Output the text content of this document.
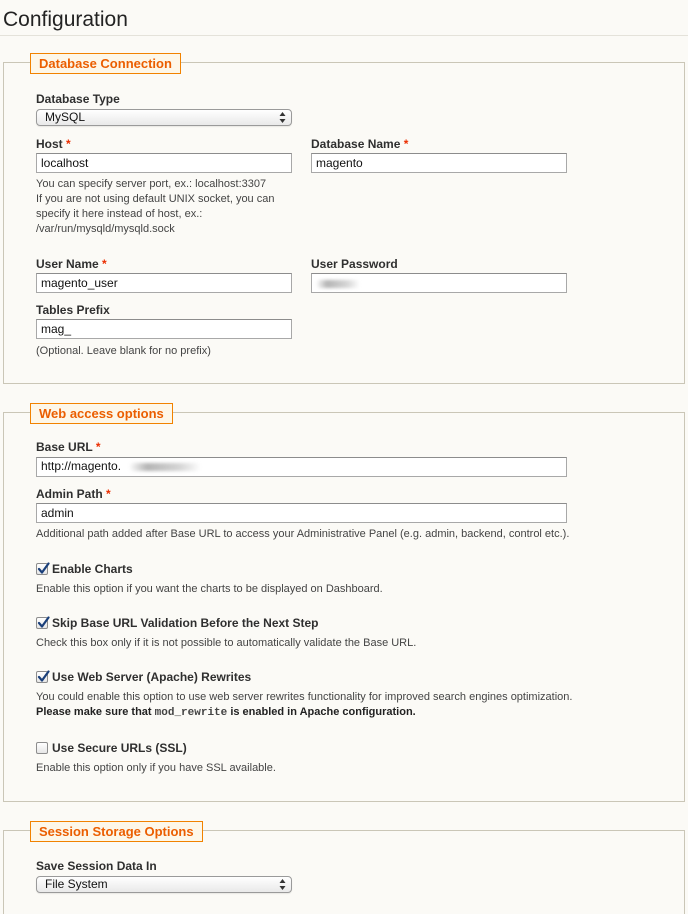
Configuration
Database Connection
Database Type
MySQL
Host *
localhost	Database Name *
magento
You can specify server port, ex.: localhost:3307
If you are not using default UNIX socket, you can
specify it here instead of host, ex.:
/var/run/mysqld/mysqld.sock
User Name *
magento_user	User Password
Tables Prefix
mag_
(Optional. Leave blank for no prefix)
Web access options
Base URL *
http://magento.
Admin Path *
admin
Additional path added after Base URL to access your Administrative Panel (e.g. admin, backend, control etc.).
Enable Charts
Enable this option if you want the charts to be displayed on Dashboard.
Skip Base URL Validation Before the Next Step
Check this box only if it is not possible to automatically validate the Base URL.
Use Web Server (Apache) Rewrites
You could enable this option to use web server rewrites functionality for improved search engines optimization.
Please make sure that mod_rewrite is enabled in Apache configuration.
Use Secure URLs (SSL)
Enable this option only if you have SSL available.
Session Storage Options
Save Session Data In
File System
